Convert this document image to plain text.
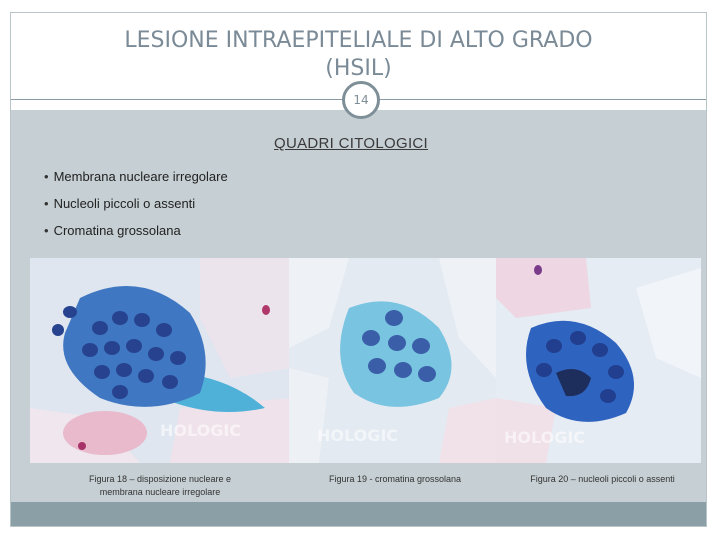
LESIONE INTRAEPITELIALE DI ALTO GRADO
(HSIL)
14
QUADRI CITOLOGICI
• Membrana nucleare irregolare
• Nucleoli piccoli o assenti
• Cromatina grossolana
HOLOGIC	HOLOGIC	HOLOGIC
Figura 18 – disposizione nucleare e
membrana nucleare irregolare
Figura 19 - cromatina grossolana	Figura 20 – nucleoli piccoli o assenti
